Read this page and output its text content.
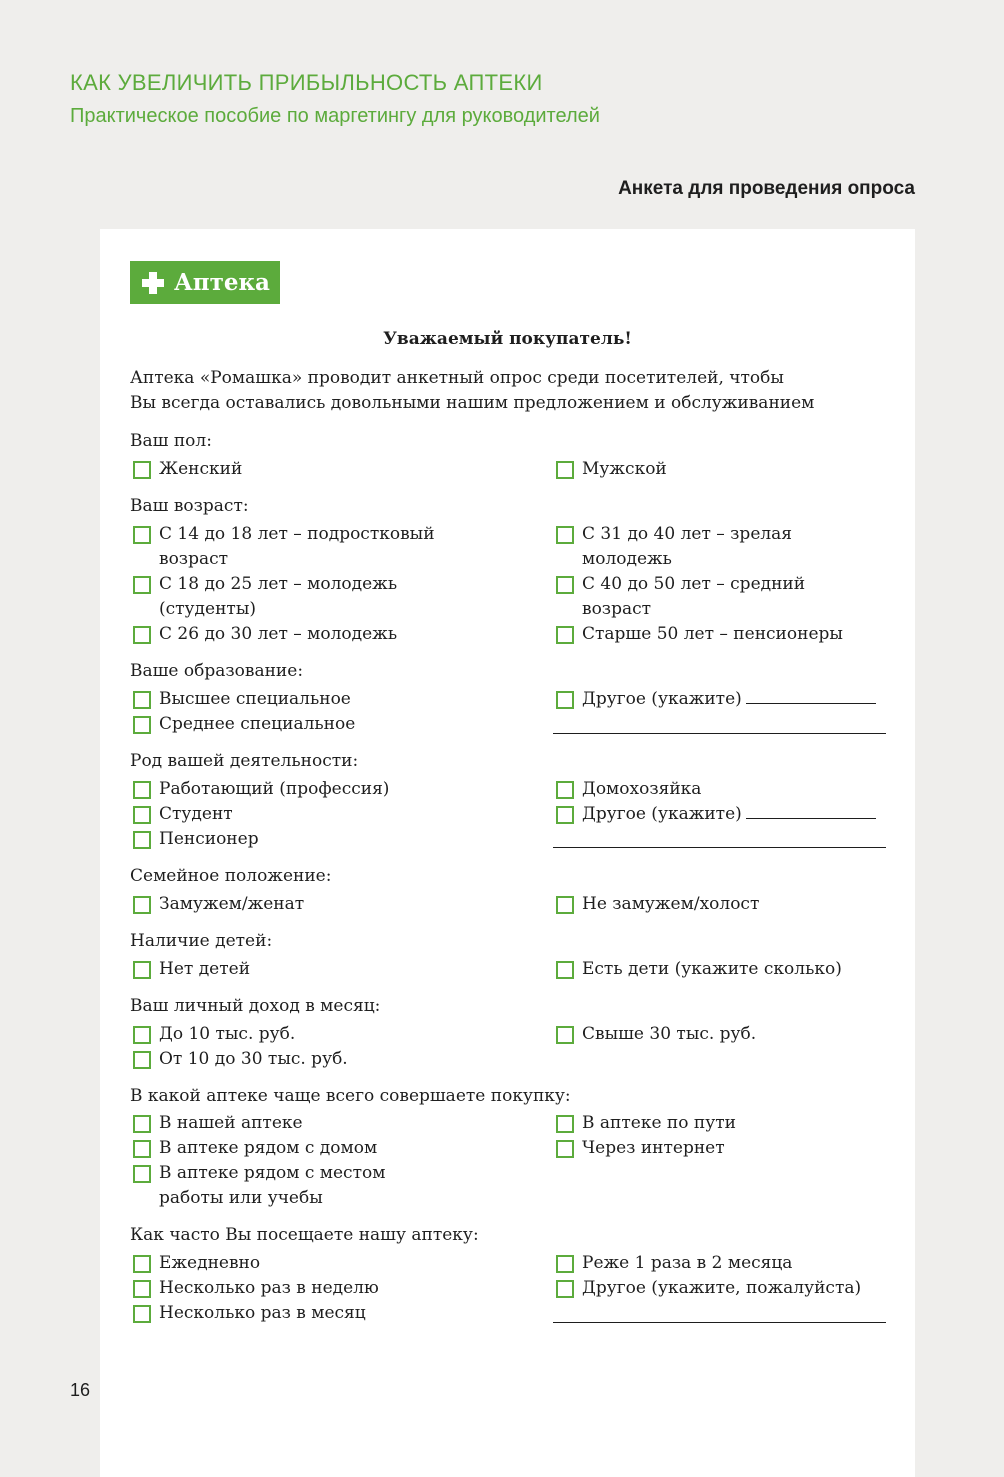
КАК УВЕЛИЧИТЬ ПРИБЫЛЬНОСТЬ АПТЕКИ
Практическое пособие по маргетингу для руководителей
Анкета для проведения опроса
Аптека
Уважаемый покупатель!
Аптека «Ромашка» проводит анкетный опрос среди посетителей, чтобы
Вы всегда оставались довольными нашим предложением и обслуживанием
Ваш пол:
Женский	Мужской
Ваш возраст:
С 14 до 18 лет – подростковый возраст
С 18 до 25 лет – молодежь (студенты)
С 26 до 30 лет – молодежь
С 31 до 40 лет – зрелая молодежь
С 40 до 50 лет – средний возраст
Старше 50 лет – пенсионеры
Ваше образование:
Высшее специальное
Среднее специальное
Другое (укажите)
Род вашей деятельности:
Работающий (профессия)
Студент
Пенсионер
Домохозяйка
Другое (укажите)
Семейное положение:
Замужем/женат	Не замужем/холост
Наличие детей:
Нет детей	Есть дети (укажите сколько)
Ваш личный доход в месяц:
До 10 тыс. руб.
От 10 до 30 тыс. руб.
Свыше 30 тыс. руб.
В какой аптеке чаще всего совершаете покупку:
В нашей аптеке
В аптеке рядом с домом
В аптеке рядом с местом работы или учебы
В аптеке по пути
Через интернет
Как часто Вы посещаете нашу аптеку:
Ежедневно
Несколько раз в неделю
Несколько раз в месяц
Реже 1 раза в 2 месяца
Другое (укажите, пожалуйста)
16
